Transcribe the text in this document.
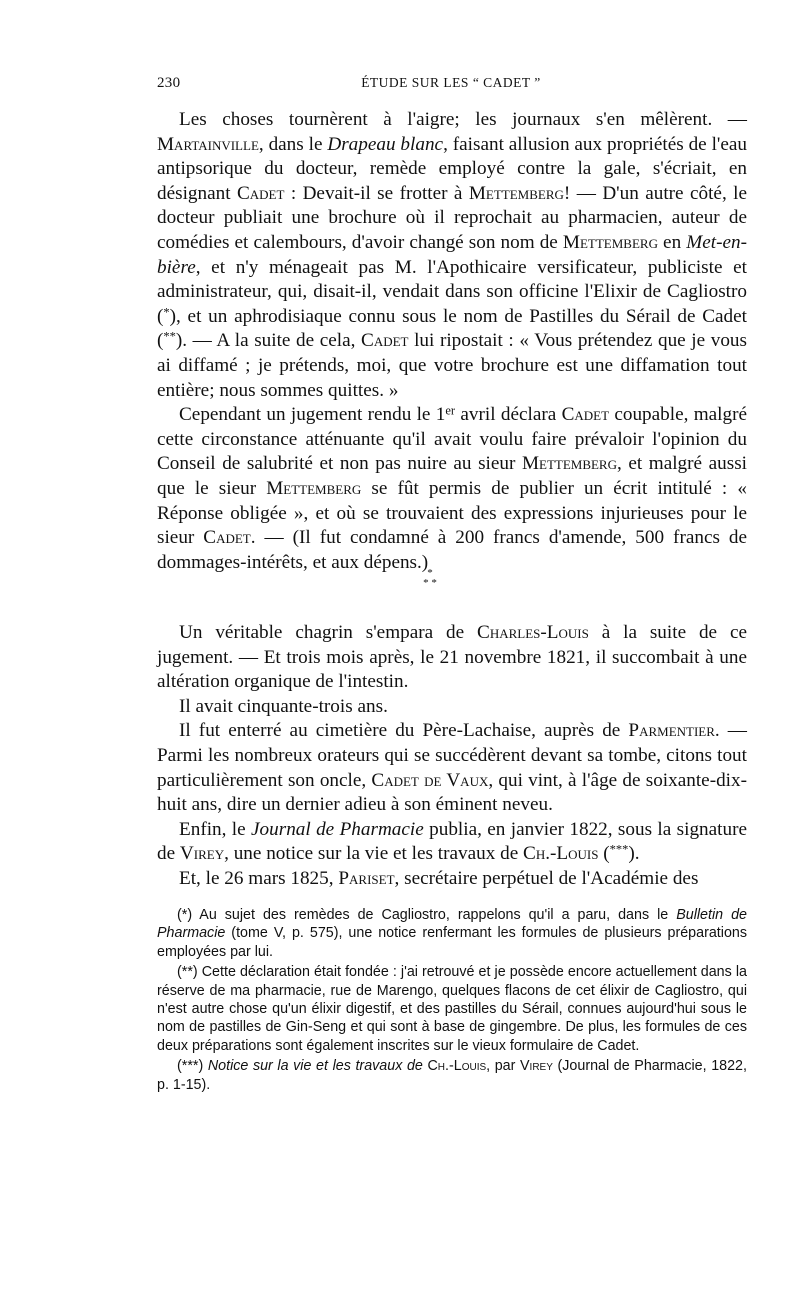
230	ÉTUDE SUR LES “ CADET ”

Les choses tournèrent à l'aigre; les journaux s'en mêlèrent. — Martainville, dans le Drapeau blanc, faisant allusion aux propriétés de l'eau antipsorique du docteur, remède employé contre la gale, s'écriait, en désignant Cadet : Devait-il se frotter à Mettemberg! — D'un autre côté, le docteur publiait une brochure où il reprochait au pharmacien, auteur de comédies et calembours, d'avoir changé son nom de Mettemberg en Met-en-bière, et n'y ménageait pas M. l'Apothicaire versificateur, publiciste et administrateur, qui, disait-il, vendait dans son officine l'Elixir de Cagliostro (*), et un aphrodisiaque connu sous le nom de Pastilles du Sérail de Cadet (**). — A la suite de cela, Cadet lui ripostait : « Vous prétendez que je vous ai diffamé ; je prétends, moi, que votre brochure est une diffamation tout entière; nous sommes quittes. »

Cependant un jugement rendu le 1er avril déclara Cadet coupable, malgré cette circonstance atténuante qu'il avait voulu faire prévaloir l'opinion du Conseil de salubrité et non pas nuire au sieur Mettemberg, et malgré aussi que le sieur Mettemberg se fût permis de publier un écrit intitulé : « Réponse obligée », et où se trouvaient des expressions injurieuses pour le sieur Cadet. — (Il fut condamné à 200 francs d'amende, 500 francs de dommages-intérêts, et aux dépens.)

*
* *

Un véritable chagrin s'empara de Charles-Louis à la suite de ce jugement. — Et trois mois après, le 21 novembre 1821, il succombait à une altération organique de l'intestin.

Il avait cinquante-trois ans.

Il fut enterré au cimetière du Père-Lachaise, auprès de Parmentier. — Parmi les nombreux orateurs qui se succédèrent devant sa tombe, citons tout particulièrement son oncle, Cadet de Vaux, qui vint, à l'âge de soixante-dix-huit ans, dire un dernier adieu à son éminent neveu.

Enfin, le Journal de Pharmacie publia, en janvier 1822, sous la signature de Virey, une notice sur la vie et les travaux de Ch.-Louis (***).

Et, le 26 mars 1825, Pariset, secrétaire perpétuel de l'Académie des

(*) Au sujet des remèdes de Cagliostro, rappelons qu'il a paru, dans le Bulletin de Pharmacie (tome V, p. 575), une notice renfermant les formules de plusieurs préparations employées par lui.

(**) Cette déclaration était fondée : j'ai retrouvé et je possède encore actuellement dans la réserve de ma pharmacie, rue de Marengo, quelques flacons de cet élixir de Cagliostro, qui n'est autre chose qu'un élixir digestif, et des pastilles du Sérail, connues aujourd'hui sous le nom de pastilles de Gin-Seng et qui sont à base de gingembre. De plus, les formules de ces deux préparations sont également inscrites sur le vieux formulaire de Cadet.

(***) Notice sur la vie et les travaux de Ch.-Louis, par Virey (Journal de Pharmacie, 1822, p. 1-15).
